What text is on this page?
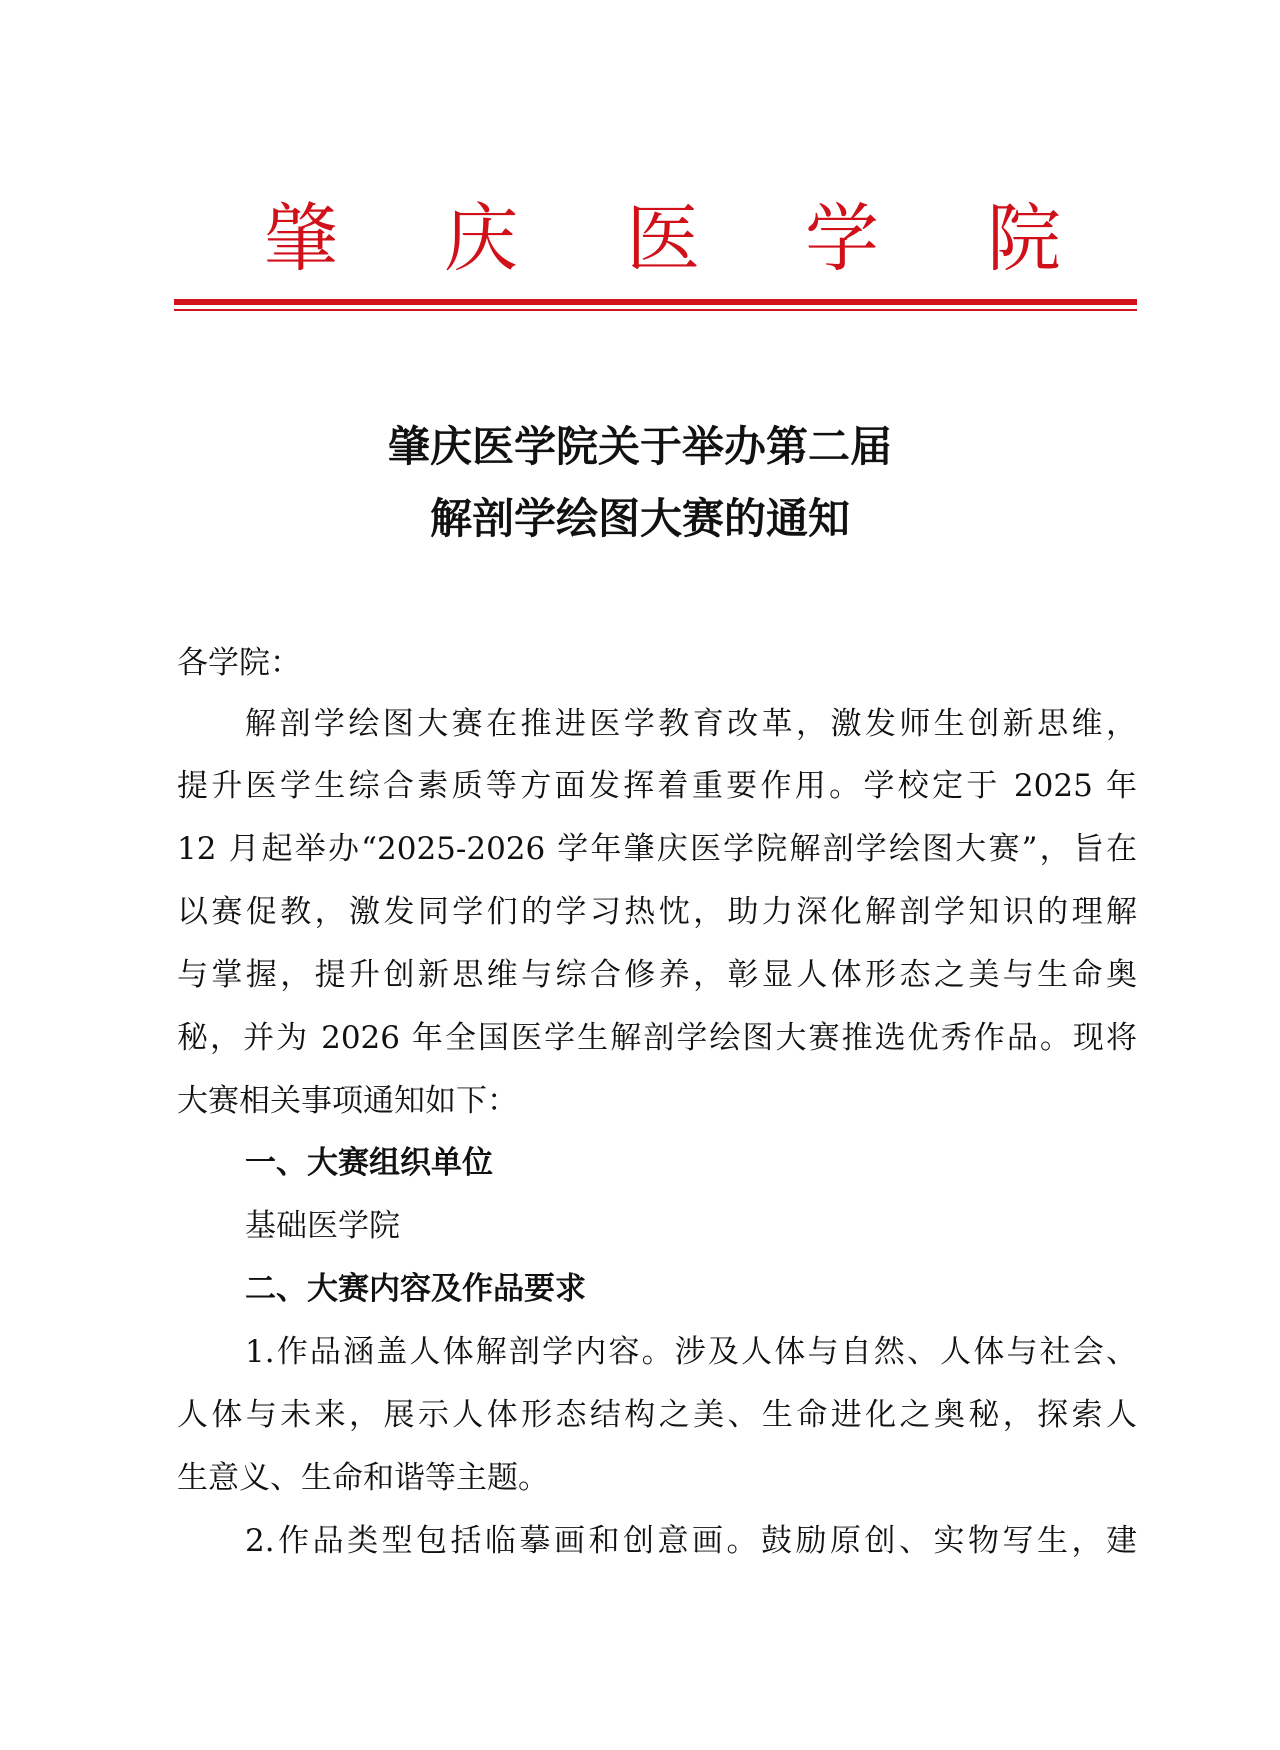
肇 庆 医 学 院
肇庆医学院关于举办第二届
解剖学绘图大赛的通知
各学院：
解剖学绘图大赛在推进医学教育改革，激发师生创新思维，
提升医学生综合素质等方面发挥着重要作用。学校定于 2025 年
12 月起举办“2025-2026 学年肇庆医学院解剖学绘图大赛”，旨在
以赛促教，激发同学们的学习热忱，助力深化解剖学知识的理解
与掌握，提升创新思维与综合修养，彰显人体形态之美与生命奥
秘，并为 2026 年全国医学生解剖学绘图大赛推选优秀作品。现将
大赛相关事项通知如下：
一、大赛组织单位
基础医学院
二、大赛内容及作品要求
1.作品涵盖人体解剖学内容。涉及人体与自然、人体与社会、
人体与未来，展示人体形态结构之美、生命进化之奥秘，探索人
生意义、生命和谐等主题。
2.作品类型包括临摹画和创意画。鼓励原创、实物写生，建
